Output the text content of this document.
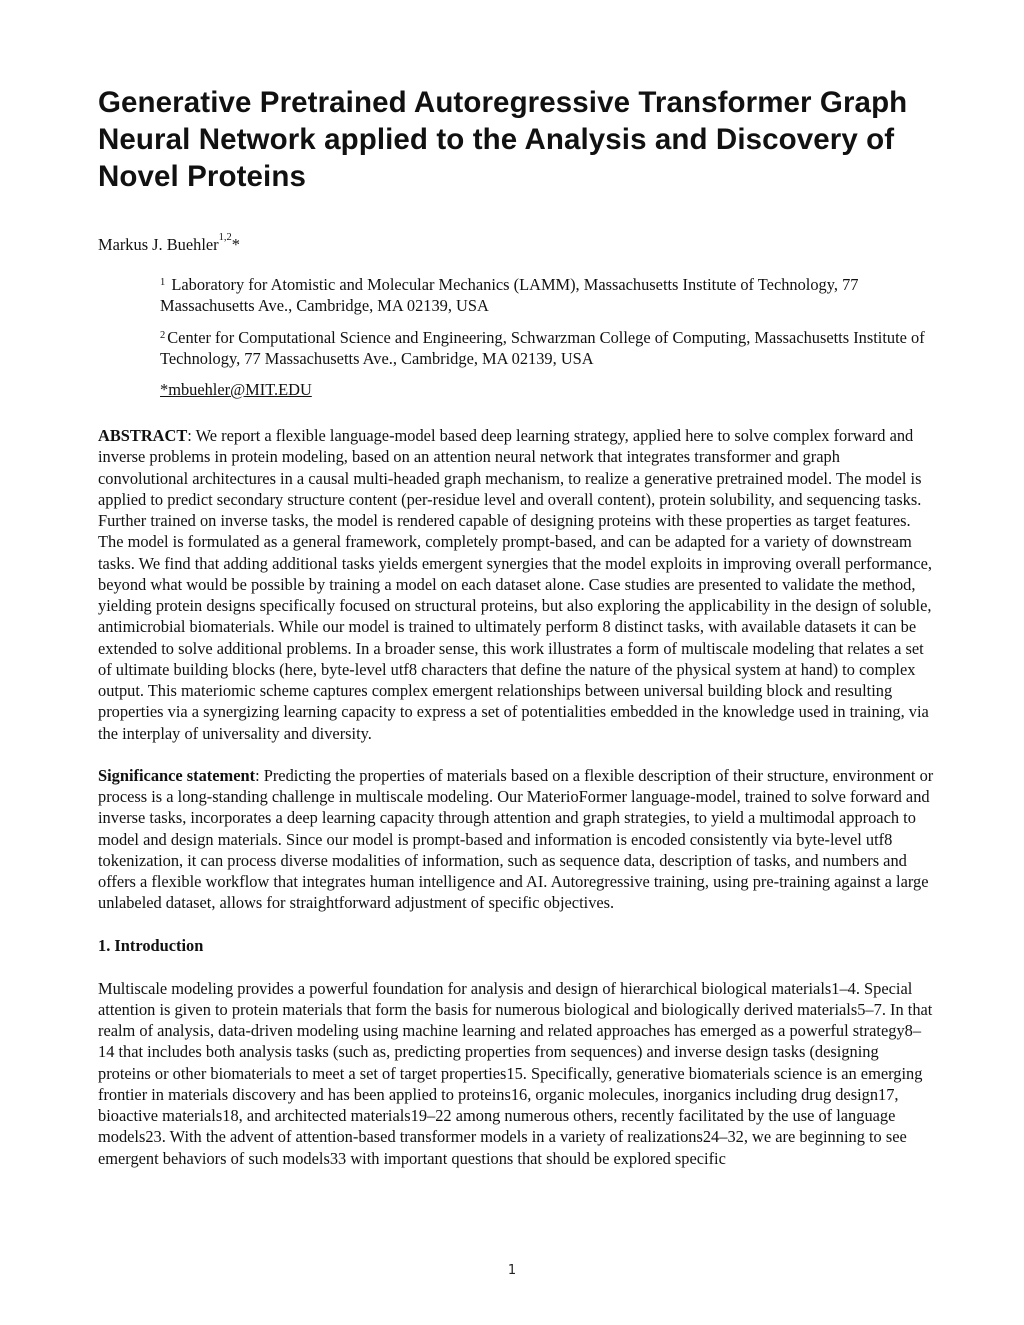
Generative Pretrained Autoregressive Transformer Graph Neural Network applied to the Analysis and Discovery of Novel Proteins
Markus J. Buehler$^{1,2}$*
$^1$ Laboratory for Atomistic and Molecular Mechanics (LAMM), Massachusetts Institute of Technology, 77 Massachusetts Ave., Cambridge, MA 02139, USA
$^2$ Center for Computational Science and Engineering, Schwarzman College of Computing, Massachusetts Institute of Technology, 77 Massachusetts Ave., Cambridge, MA 02139, USA
*mbuehler@MIT.EDU

ABSTRACT: We report a flexible language-model based deep learning strategy, applied here to solve complex forward and inverse problems in protein modeling, based on an attention neural network that integrates transformer and graph convolutional architectures in a causal multi-headed graph mechanism, to realize a generative pretrained model. The model is applied to predict secondary structure content (per-residue level and overall content), protein solubility, and sequencing tasks. Further trained on inverse tasks, the model is rendered capable of designing proteins with these properties as target features. The model is formulated as a general framework, completely prompt-based, and can be adapted for a variety of downstream tasks. We find that adding additional tasks yields emergent synergies that the model exploits in improving overall performance, beyond what would be possible by training a model on each dataset alone. Case studies are presented to validate the method, yielding protein designs specifically focused on structural proteins, but also exploring the applicability in the design of soluble, antimicrobial biomaterials. While our model is trained to ultimately perform 8 distinct tasks, with available datasets it can be extended to solve additional problems. In a broader sense, this work illustrates a form of multiscale modeling that relates a set of ultimate building blocks (here, byte-level utf8 characters that define the nature of the physical system at hand) to complex output. This materiomic scheme captures complex emergent relationships between universal building block and resulting properties via a synergizing learning capacity to express a set of potentialities embedded in the knowledge used in training, via the interplay of universality and diversity.

Significance statement: Predicting the properties of materials based on a flexible description of their structure, environment or process is a long-standing challenge in multiscale modeling. Our MaterioFormer language-model, trained to solve forward and inverse tasks, incorporates a deep learning capacity through attention and graph strategies, to yield a multimodal approach to model and design materials. Since our model is prompt-based and information is encoded consistently via byte-level utf8 tokenization, it can process diverse modalities of information, such as sequence data, description of tasks, and numbers and offers a flexible workflow that integrates human intelligence and AI. Autoregressive training, using pre-training against a large unlabeled dataset, allows for straightforward adjustment of specific objectives.

1. Introduction

Multiscale modeling provides a powerful foundation for analysis and design of hierarchical biological materials1–4. Special attention is given to protein materials that form the basis for numerous biological and biologically derived materials5–7. In that realm of analysis, data-driven modeling using machine learning and related approaches has emerged as a powerful strategy8–14 that includes both analysis tasks (such as, predicting properties from sequences) and inverse design tasks (designing proteins or other biomaterials to meet a set of target properties15. Specifically, generative biomaterials science is an emerging frontier in materials discovery and has been applied to proteins16, organic molecules, inorganics including drug design17, bioactive materials18, and architected materials19–22 among numerous others, recently facilitated by the use of language models23. With the advent of attention-based transformer models in a variety of realizations24–32, we are beginning to see emergent behaviors of such models33 with important questions that should be explored specific

1
